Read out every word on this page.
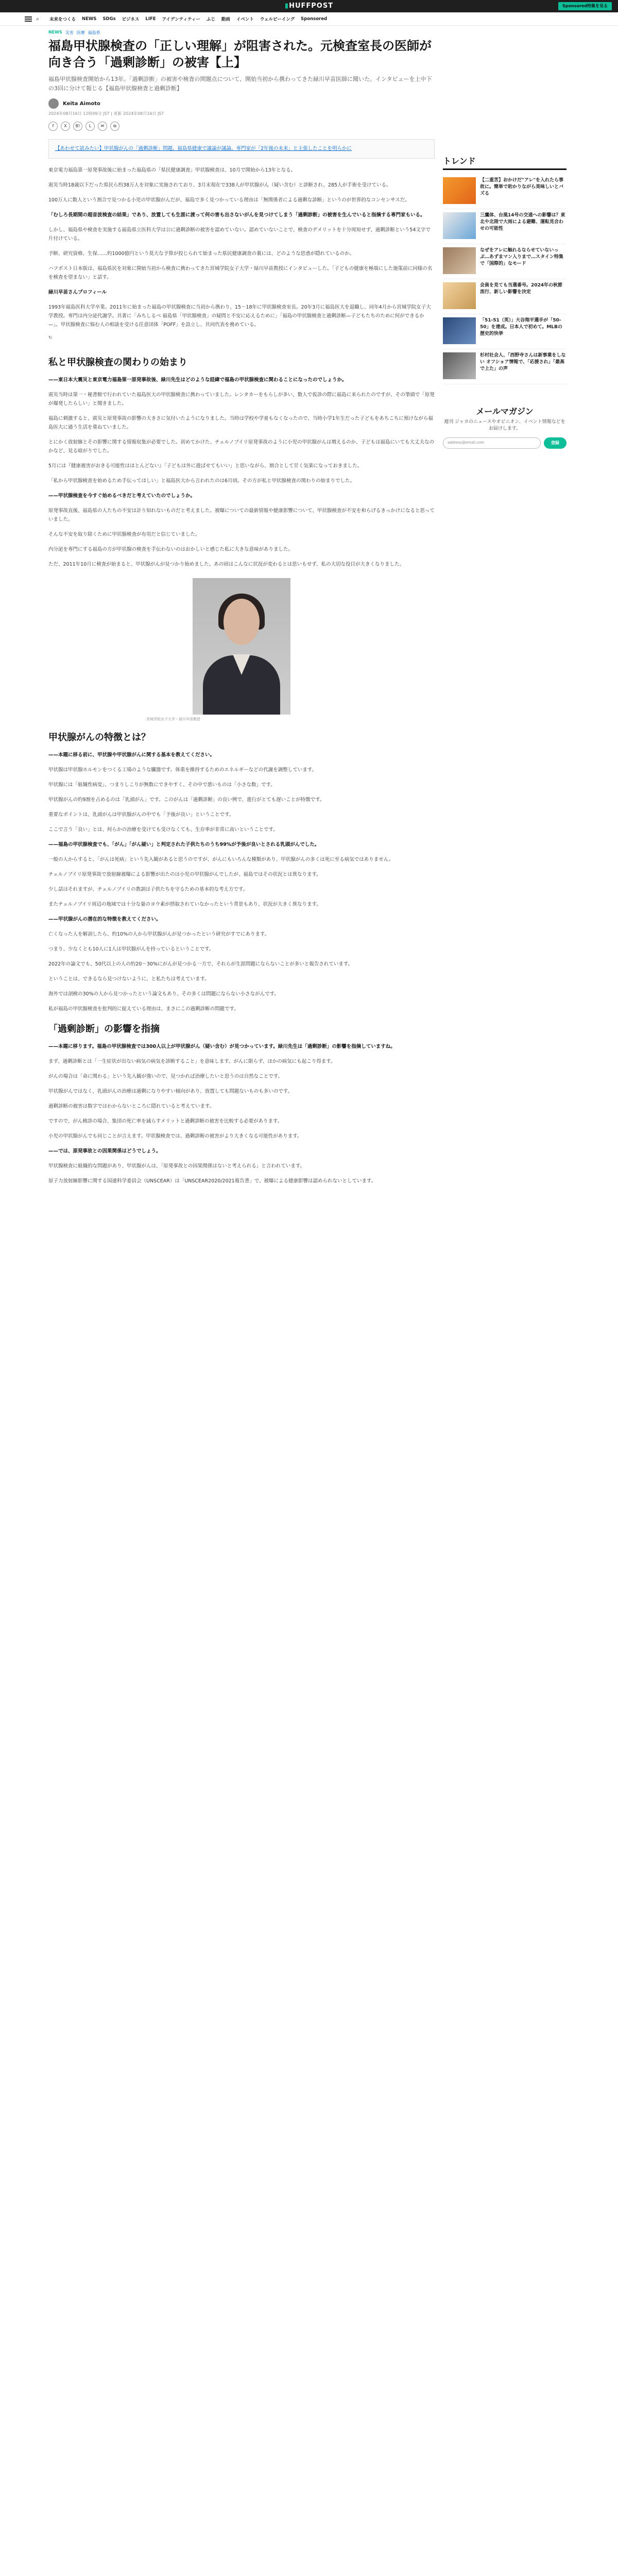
▮HUFFPOST	Sponsored特集を見る
⌕ 未来をつくる NEWS SDGs ビジネス LIFE アイデンティティー ふじ 動画 イベント ウェルビーイング Sponsored
NEWS 災害 医療 福島県
福島甲状腺検査の「正しい理解」が阻害された。元検査室長の医師が向き合う「過剰診断」の被害【上】

福島甲状腺検査開始から13年。「過剰診断」の被害や検査の問題点について、開始当初から携わってきた緑川早苗医師に聞いた。インタビューを上中下の3回に分けて報じる【福島甲状腺検査と過剰診断】

Keita Aimoto
2024年08月16日 12時09分 JST | 更新 2024年08月16日 JST
f	X	B!	L	✉	⧉

【あわせて読みたい】甲状腺がんの「過剰診断」問題。福島県健康で議論が議論。専門家が「2年後の未来」と主張したことを明らかに

東京電力福島第一原発事故後に始まった福島県の「県民健康調査」甲状腺検査は、10月で開始から13年となる。

震災当時18歳以下だった県民ら約38万人を対象に実施されており、3月末現在で338人が甲状腺がん（疑い含む）と診断され、285人が手術を受けている。

100万人に数人という割合で見つかる小児の甲状腺がんだが、福島で多く見つかっている理由は「無関係者による過剰な診断」というのが世界的なコンセンサスだ。

「むしろ長期間の超音波検査の結果」であり、放置しても生涯に渡って何の害も出さないがんを見つけてしまう「過剰診断」の被害を生んでいると指摘する専門家もいる。

しかし、福島県や検査を実施する福島県立医科大学は公に過剰診断の被害を認めていない。認めていないことで、検査のデメリットを十分周知せず、過剰診断という54文字で片付けている。

予断、研究資格、生保……約1000億円という莫大な予算が投じられて始まった県民健康調査の裏には、どのような思惑が隠れているのか。

ハフポスト日本版は、福島県民を対象に開始当初から検査に携わってきた宮城学院女子大学・緑川早苗教授にインタビューした。「子どもの健康を極端にした施策前に同様の名を検査を望まない」と話す。

緑川早苗さんプロフィール

1993年福島医科大学卒業。2011年に始まった福島の甲状腺検査に当初から携わり、15〜18年に甲状腺検査室長。20年3月に福島医大を退職し、同年4月から宮城学院女子大学教授。専門は内分泌代謝学。共著に「みちしるべ 福島県「甲状腺検査」の疑問と不安に応えるために」「福島の甲状腺検査と過剰診断—子どもたちのために何ができるか—」。甲状腺検査に悩む人の相談を受ける任意団体「POFF」を設立し、共同代表を務めている。

↻
私と甲状腺検査の関わりの始まり

——東日本大震災と東京電力福島第一原発事故後、緑川先生はどのような経緯で福島の甲状腺検査に関わることになったのでしょうか。

震災当時は第一・秘書館で行われていた福島医大の甲状腺検査に携わっていました。レンタカーをもらしが多い、数人で仮診の際に福島に来られたのですが、その筆頭で「原発が爆発したらしい」と聞きました。

福島に刺激すると、震災と原発事故の影響の大きさに気付いたようになりました。当時は学校や学童もなくなったので、当時小学1年生だった子どもをあちこちに預けながら福島医大に通う生活を重ねていました。

とにかく放射線とその影響に関する情報収集が必要でした。初めてかけた、チェルノブイリ原発事故のように小児の甲状腺がんは増えるのか、子どもは福島にいても大丈夫なのかなど、見る暗がりでした。

5月には『健康被害がおきる可能性はほとんどない』「子どもは外に遊ばせてもいい」と思いながら、割合として甘く気楽になっておきました。

「私から甲状腺検査を始めるため手伝ってほしい」と福島医大から言われたのは6月頃。その方が私と甲状腺検査の関わりの始まりでした。

——甲状腺検査を今すぐ始めるべきだと考えていたのでしょうか。

原発事故直後、福島県の人たちの不安は計り知れないものだと考えました。被曝についての最新情報や健康影響について、甲状腺検査が不安を和らげるきっかけになると思っていました。

そんな不安を取り除くために甲状腺検査が有用だと信じていました。

内分泌を専門にする福島の方が甲状腺の検査を手伝わないのはおかしいと感じた私に大きな意味がありました。

ただ、2011年10月に検査が始まると、甲状腺がんが見つかり始めました。あの頃はこんなに状況が変わるとは思いもせず、私の大切な役目が大きくなりました。

宮城学院女子大学・緑川早苗教授
甲状腺がんの特徴とは？

——本題に移る前に、甲状腺や甲状腺がんに関する基本を教えてください。

甲状腺は甲状腺ホルモンをつくる工場のような臓器です。体重を維持するためのエネルギーなどの代謝を調整しています。

甲状腺には「組織性病変」、つまりしこりが無数にできやすく、その中で悪いものは「小さな数」です。

甲状腺がんの約9割を占めるのは「乳頭がん」です。このがんは「過剰診断」の良い例で、進行がとても遅いことが特徴です。

重要なポイントは、乳頭がんは甲状腺がんの中でも「予後が良い」ということです。

ここで言う「良い」とは、何らかの治療を受けても受けなくても、生存率が非常に高いということです。

——福島の甲状腺検査でも、「がん」「がん疑い」と判定された子供たちのうち99%が予後が良いとされる乳頭がんでした。

一般の人からすると、「がんは死病」という先入観があると思うのですが、がんにもいろんな種類があり、甲状腺がんの多くは死に至る病気ではありません。

チェルノブイリ原発事故で放射線被曝による影響が出たのは小児の甲状腺がんでしたが、福島ではその状況とは異なります。

少し話はそれますが、チェルノブイリの教訓は子供たちを守るための基本的な考え方です。

またチェルノブイリ周辺の地域では十分な量のヨウ素が摂取されていなかったという背景もあり、状況が大きく異なります。

——甲状腺がんの潜在的な特徴を教えてください。

亡くなった人を解剖したら、約10%の人から甲状腺がんが見つかったという研究がすでにあります。

つまり、少なくとも10人に1人は甲状腺がんを持っているということです。

2022年の論文でも、50代以上の人の約20〜30%にがんが見つかる一方で、それらが生涯問題にならないことが多いと報告されています。

ということは、できるなら見つけないように、と私たちは考えています。

海外では剖検の30%の人から見つかったという論文もあり、その多くは問題にならない小さながんです。

私が福島の甲状腺検査を批判的に捉えている理由は、まさにこの過剰診断の問題です。

「過剰診断」の影響を指摘

——本題に移ります。福島の甲状腺検査では300人以上が甲状腺がん（疑い含む）が見つかっています。緑川先生は「過剰診断」の影響を指摘していますね。

まず、過剰診断とは「一生症状が出ない病気の病気を診断すること」を意味します。がんに限らず、ほかの病気にも起こり得ます。

がんの場合は「命に関わる」という先入観が強いので、見つかれば治療したいと思うのは自然なことです。

甲状腺がんではなく、乳頭がんの治療は過剰になりやすい傾向があり、放置しても問題ないものも多いのです。

過剰診断の被害は数字ではわからないところに隠れていると考えています。

ですので、がん検診の場合、集団の死亡率を減らすメリットと過剰診断の被害を比較する必要があります。

小児の甲状腺がんでも同じことが言えます。甲状腺検査では、過剰診断の被害がより大きくなる可能性があります。

——では、原発事故との因果関係はどうでしょう。

甲状腺検査に組織的な問題があり、甲状腺がんは、「原発事故との因果関係はないと考えられる」と言われています。

原子力放射線影響に関する国連科学委員会（UNSCEAR）は「UNSCEAR2020/2021報告書」で、被曝による健康影響は認められないとしています。

トレンド
【二重苦】おかけだ"アレ"を入れたら事故に。簡単で助かりながら美味しいとバズる
三鷹体、台風14号の交通への影響は？東北や北陸で大雨による避難、運転見合わせの可能性
なぜをアレに触れるならせていないっぷ…あずまマン入りまで…スタイン特集で「国際的」なモード
会員を見ても当選番号。2024年の秋節流行、新しい影響を決定
「51-51（英）」大谷翔平選手が「50-50」を達成。日本人で初めて。MLBの歴史的快挙
杉村社会人、「西野寺さんは新事業をしない オフショア情報で、「応援され」「最高で上た」の声
メールマガジン

週刊 ジャヨのニュースやオピニオン、イベント情報などをお届けします。

address@email.com	登録
